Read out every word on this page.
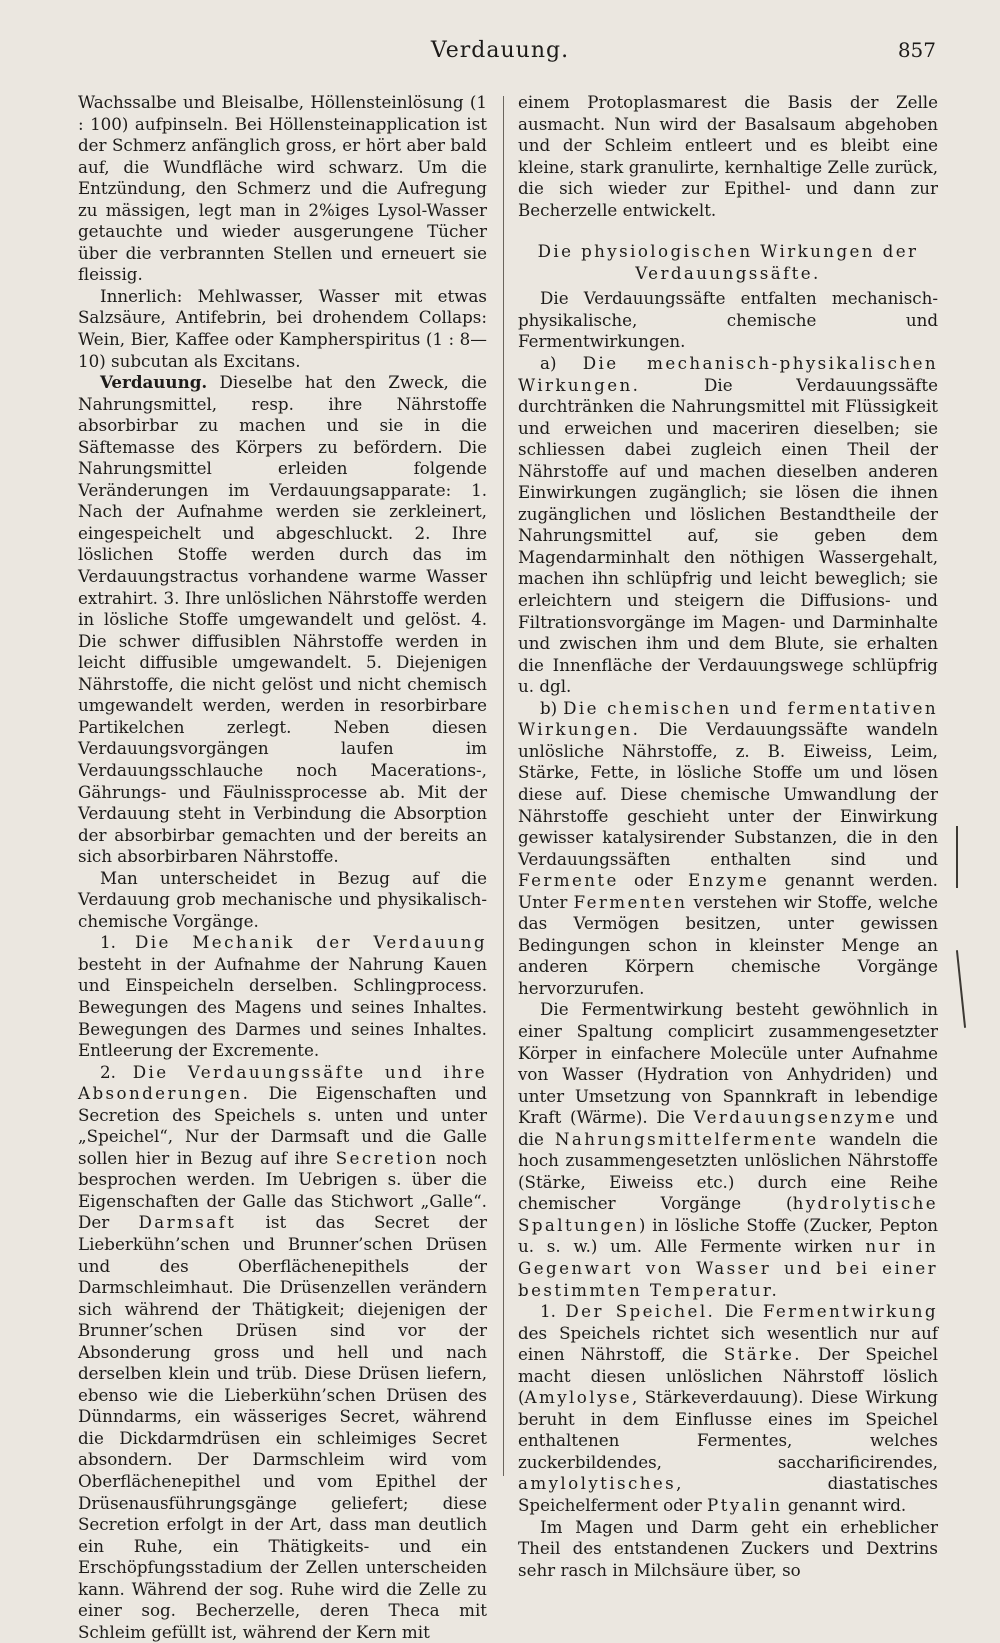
Verdauung.	857

Wachssalbe und Bleisalbe, Höllensteinlösung (1 : 100) aufpinseln. Bei Höllensteinapplication ist der Schmerz anfänglich gross, er hört aber bald auf, die Wundfläche wird schwarz. Um die Entzündung, den Schmerz und die Aufregung zu mässigen, legt man in 2%iges Lysol-Wasser getauchte und wieder ausgerungene Tücher über die verbrannten Stellen und erneuert sie fleissig.

Innerlich: Mehlwasser, Wasser mit etwas Salzsäure, Antifebrin, bei drohendem Collaps: Wein, Bier, Kaffee oder Kampherspiritus (1 : 8—10) subcutan als Excitans.

Verdauung. Dieselbe hat den Zweck, die Nahrungsmittel, resp. ihre Nährstoffe absorbirbar zu machen und sie in die Säftemasse des Körpers zu befördern. Die Nahrungsmittel erleiden folgende Veränderungen im Verdauungsapparate: 1. Nach der Aufnahme werden sie zerkleinert, eingespeichelt und abgeschluckt. 2. Ihre löslichen Stoffe werden durch das im Verdauungstractus vorhandene warme Wasser extrahirt. 3. Ihre unlöslichen Nährstoffe werden in lösliche Stoffe umgewandelt und gelöst. 4. Die schwer diffusiblen Nährstoffe werden in leicht diffusible umgewandelt. 5. Diejenigen Nährstoffe, die nicht gelöst und nicht chemisch umgewandelt werden, werden in resorbirbare Partikelchen zerlegt. Neben diesen Verdauungsvorgängen laufen im Verdauungsschlauche noch Macerations-, Gährungs- und Fäulnissprocesse ab. Mit der Verdauung steht in Verbindung die Absorption der absorbirbar gemachten und der bereits an sich absorbirbaren Nährstoffe.

Man unterscheidet in Bezug auf die Verdauung grob mechanische und physikalisch-chemische Vorgänge.

1. Die Mechanik der Verdauung besteht in der Aufnahme der Nahrung Kauen und Einspeicheln derselben. Schlingprocess. Bewegungen des Magens und seines Inhaltes. Bewegungen des Darmes und seines Inhaltes. Entleerung der Excremente.

2. Die Verdauungssäfte und ihre Absonderungen. Die Eigenschaften und Secretion des Speichels s. unten und unter „Speichel“, Nur der Darmsaft und die Galle sollen hier in Bezug auf ihre Secretion noch besprochen werden. Im Uebrigen s. über die Eigenschaften der Galle das Stichwort „Galle“. Der Darmsaft ist das Secret der Lieberkühn’schen und Brunner’schen Drüsen und des Oberflächenepithels der Darmschleimhaut. Die Drüsenzellen verändern sich während der Thätigkeit; diejenigen der Brunner’schen Drüsen sind vor der Absonderung gross und hell und nach derselben klein und trüb. Diese Drüsen liefern, ebenso wie die Lieberkühn’schen Drüsen des Dünndarms, ein wässeriges Secret, während die Dickdarmdrüsen ein schleimiges Secret absondern. Der Darmschleim wird vom Oberflächenepithel und vom Epithel der Drüsenausführungsgänge geliefert; diese Secretion erfolgt in der Art, dass man deutlich ein Ruhe, ein Thätigkeits- und ein Erschöpfungsstadium der Zellen unterscheiden kann. Während der sog. Ruhe wird die Zelle zu einer sog. Becherzelle, deren Theca mit Schleim gefüllt ist, während der Kern mit

einem Protoplasmarest die Basis der Zelle ausmacht. Nun wird der Basalsaum abgehoben und der Schleim entleert und es bleibt eine kleine, stark granulirte, kernhaltige Zelle zurück, die sich wieder zur Epithel- und dann zur Becherzelle entwickelt.

Die physiologischen Wirkungen der Verdauungssäfte.

Die Verdauungssäfte entfalten mechanisch-physikalische, chemische und Fermentwirkungen.

a) Die mechanisch-physikalischen Wirkungen. Die Verdauungssäfte durchtränken die Nahrungsmittel mit Flüssigkeit und erweichen und maceriren dieselben; sie schliessen dabei zugleich einen Theil der Nährstoffe auf und machen dieselben anderen Einwirkungen zugänglich; sie lösen die ihnen zugänglichen und löslichen Bestandtheile der Nahrungsmittel auf, sie geben dem Magendarminhalt den nöthigen Wassergehalt, machen ihn schlüpfrig und leicht beweglich; sie erleichtern und steigern die Diffusions- und Filtrationsvorgänge im Magen- und Darminhalte und zwischen ihm und dem Blute, sie erhalten die Innenfläche der Verdauungswege schlüpfrig u. dgl.

b) Die chemischen und fermentativen Wirkungen. Die Verdauungssäfte wandeln unlösliche Nährstoffe, z. B. Eiweiss, Leim, Stärke, Fette, in lösliche Stoffe um und lösen diese auf. Diese chemische Umwandlung der Nährstoffe geschieht unter der Einwirkung gewisser katalysirender Substanzen, die in den Verdauungssäften enthalten sind und Fermente oder Enzyme genannt werden. Unter Fermenten verstehen wir Stoffe, welche das Vermögen besitzen, unter gewissen Bedingungen schon in kleinster Menge an anderen Körpern chemische Vorgänge hervorzurufen.

Die Fermentwirkung besteht gewöhnlich in einer Spaltung complicirt zusammengesetzter Körper in einfachere Molecüle unter Aufnahme von Wasser (Hydration von Anhydriden) und unter Umsetzung von Spannkraft in lebendige Kraft (Wärme). Die Verdauungsenzyme und die Nahrungsmittelfermente wandeln die hoch zusammengesetzten unlöslichen Nährstoffe (Stärke, Eiweiss etc.) durch eine Reihe chemischer Vorgänge (hydrolytische Spaltungen) in lösliche Stoffe (Zucker, Pepton u. s. w.) um. Alle Fermente wirken nur in Gegenwart von Wasser und bei einer bestimmten Temperatur.

1. Der Speichel. Die Fermentwirkung des Speichels richtet sich wesentlich nur auf einen Nährstoff, die Stärke. Der Speichel macht diesen unlöslichen Nährstoff löslich (Amylolyse, Stärkeverdauung). Diese Wirkung beruht in dem Einflusse eines im Speichel enthaltenen Fermentes, welches zuckerbildendes, saccharificirendes, amylolytisches, diastatisches Speichelferment oder Ptyalin genannt wird.

Im Magen und Darm geht ein erheblicher Theil des entstandenen Zuckers und Dextrins sehr rasch in Milchsäure über, so
